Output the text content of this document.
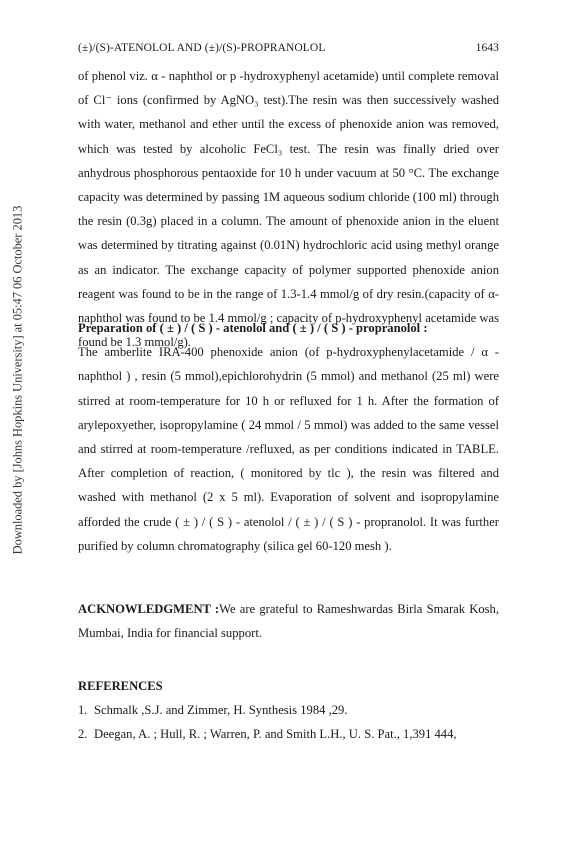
Downloaded by [Johns Hopkins University] at 05:47 06 October 2013
(±)/(S)-ATENOLOL AND (±)/(S)-PROPRANOLOL	1643

of phenol viz. α - naphthol or p -hydroxyphenyl acetamide) until complete removal of Cl⁻ ions (confirmed by AgNO₃ test).The resin was then successively washed with water, methanol and ether until the excess of phenoxide anion was removed, which was tested by alcoholic FeCl₃ test. The resin was finally dried over anhydrous phosphorous pentaoxide for 10 h under vacuum at 50 °C. The exchange capacity was determined by passing 1M aqueous sodium chloride (100 ml) through the resin (0.3g) placed in a column. The amount of phenoxide anion in the eluent was determined by titrating against (0.01N) hydrochloric acid using methyl orange as an indicator. The exchange capacity of polymer supported phenoxide anion reagent was found to be in the range of 1.3-1.4 mmol/g of dry resin.(capacity of α-naphthol was found to be 1.4 mmol/g ; capacity of p-hydroxyphenyl acetamide was found be 1.3 mmol/g).

Preparation of ( ± ) / ( S ) - atenolol and ( ± ) / ( S ) - propranolol :

The amberlite IRA-400 phenoxide anion (of p-hydroxyphenylacetamide / α - naphthol ) , resin (5 mmol),epichlorohydrin (5 mmol) and methanol (25 ml) were stirred at room-temperature for 10 h or refluxed for 1 h. After the formation of arylepoxyether, isopropylamine ( 24 mmol / 5 mmol) was added to the same vessel and stirred at room-temperature /refluxed, as per conditions indicated in TABLE. After completion of reaction, ( monitored by tlc ), the resin was filtered and washed with methanol (2 x 5 ml). Evaporation of solvent and isopropylamine afforded the crude ( ± ) / ( S ) - atenolol / ( ± ) / ( S ) - propranolol. It was further purified by column chromatography (silica gel 60-120 mesh ).

ACKNOWLEDGMENT :We are grateful to Rameshwardas Birla Smarak Kosh, Mumbai, India for financial support.

REFERENCES
1. Schmalk ,S.J. and Zimmer, H. Synthesis 1984 ,29.
2. Deegan, A. ; Hull, R. ; Warren, P. and Smith L.H., U. S. Pat., 1,391 444,
